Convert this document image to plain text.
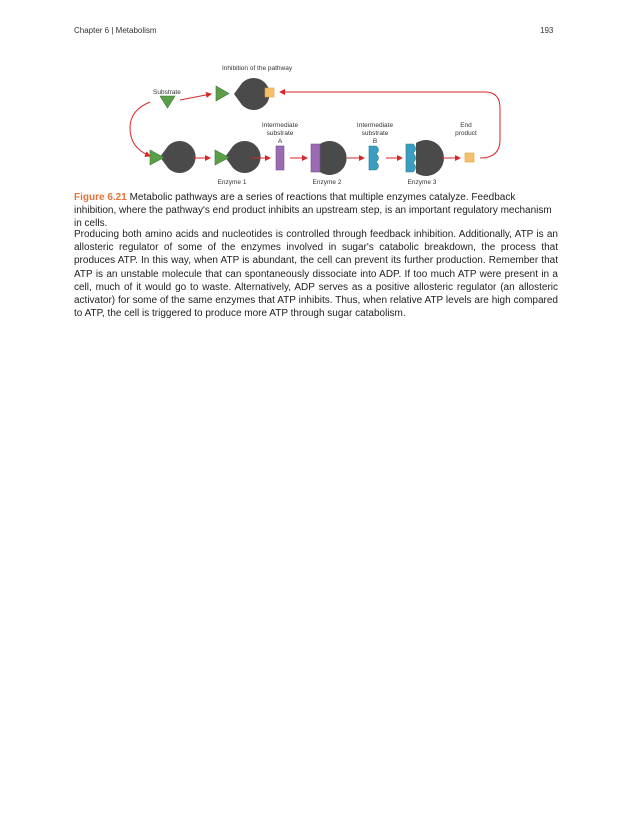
Chapter 6 | Metabolism	193
Inhibition of the pathway
Substrate
Intermediate
substrate
A
Intermediate
substrate
B
End
product
Enzyme 1	Enzyme 2	Enzyme 3
Figure 6.21 Metabolic pathways are a series of reactions that multiple enzymes catalyze. Feedback inhibition, where the pathway's end product inhibits an upstream step, is an important regulatory mechanism in cells.
Producing both amino acids and nucleotides is controlled through feedback inhibition. Additionally, ATP is an allosteric regulator of some of the enzymes involved in sugar's catabolic breakdown, the process that produces ATP. In this way, when ATP is abundant, the cell can prevent its further production. Remember that ATP is an unstable molecule that can spontaneously dissociate into ADP. If too much ATP were present in a cell, much of it would go to waste. Alternatively, ADP serves as a positive allosteric regulator (an allosteric activator) for some of the same enzymes that ATP inhibits. Thus, when relative ATP levels are high compared to ATP, the cell is triggered to produce more ATP through sugar catabolism.
